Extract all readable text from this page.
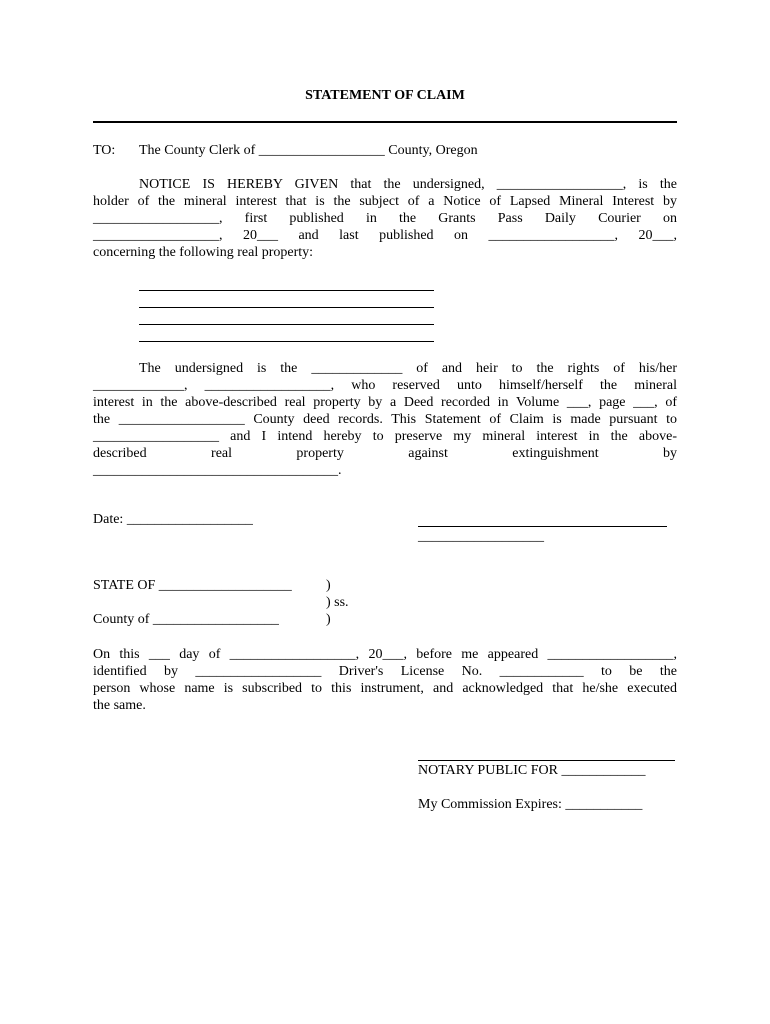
STATEMENT OF CLAIM
TO: The County Clerk of __________________ County, Oregon
NOTICE IS HEREBY GIVEN that the undersigned, __________________, is the
holder of the mineral interest that is the subject of a Notice of Lapsed Mineral Interest by
__________________, first published in the Grants Pass Daily Courier on
__________________, 20___ and last published on __________________, 20___,
concerning the following real property:
The undersigned is the _____________ of and heir to the rights of his/her
_____________, __________________, who reserved unto himself/herself the mineral
interest in the above-described real property by a Deed recorded in Volume ___, page ___, of
the __________________ County deed records. This Statement of Claim is made pursuant to
__________________ and I intend hereby to preserve my mineral interest in the above-
described real property against extinguishment by
___________________________________.
Date: __________________
__________________
STATE OF ___________________ )
) ss.
County of __________________	)
On this ___ day of __________________, 20___, before me appeared __________________,
identified by __________________ Driver's License No. ____________ to be the
person whose name is subscribed to this instrument, and acknowledged that he/she executed
the same.
NOTARY PUBLIC FOR ____________
My Commission Expires: ___________
